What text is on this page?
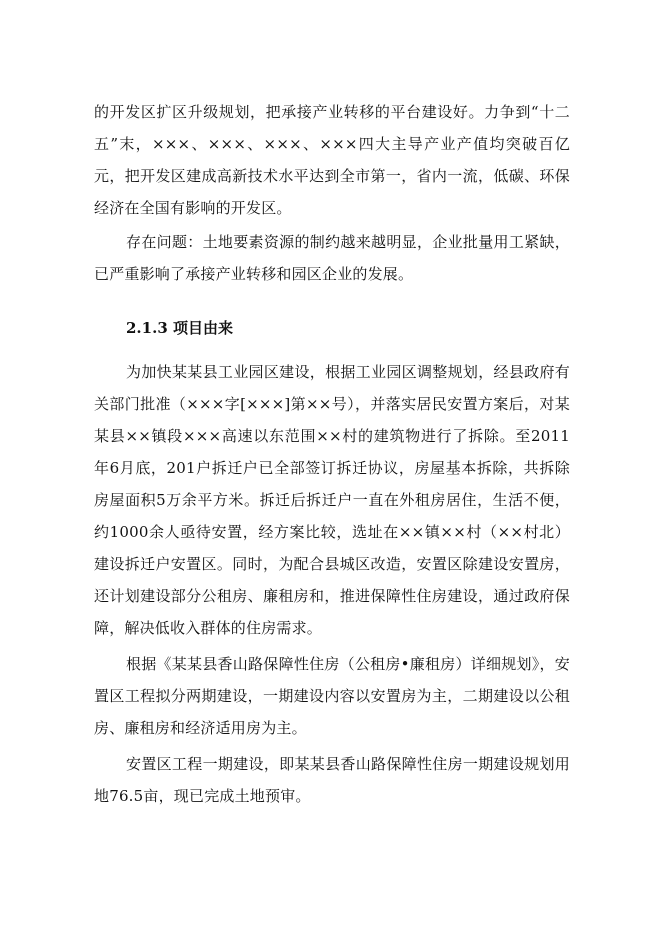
的开发区扩区升级规划，把承接产业转移的平台建设好。力争到“十二五”末，×××、×××、×××、×××四大主导产业产值均突破百亿元，把开发区建成高新技术水平达到全市第一，省内一流，低碳、环保经济在全国有影响的开发区。

存在问题：土地要素资源的制约越来越明显，企业批量用工紧缺，已严重影响了承接产业转移和园区企业的发展。

2.1.3 项目由来

为加快某某县工业园区建设，根据工业园区调整规划，经县政府有关部门批准（×××字[×××]第××号），并落实居民安置方案后，对某某县××镇段×××高速以东范围××村的建筑物进行了拆除。至2011年6月底，201户拆迁户已全部签订拆迁协议，房屋基本拆除，共拆除房屋面积5万余平方米。拆迁后拆迁户一直在外租房居住，生活不便，约1000余人亟待安置，经方案比较，选址在××镇××村（××村北）建设拆迁户安置区。同时，为配合县城区改造，安置区除建设安置房，还计划建设部分公租房、廉租房和，推进保障性住房建设，通过政府保障，解决低收入群体的住房需求。

根据《某某县香山路保障性住房（公租房•廉租房）详细规划》，安置区工程拟分两期建设，一期建设内容以安置房为主，二期建设以公租房、廉租房和经济适用房为主。

安置区工程一期建设，即某某县香山路保障性住房一期建设规划用地76.5亩，现已完成土地预审。
